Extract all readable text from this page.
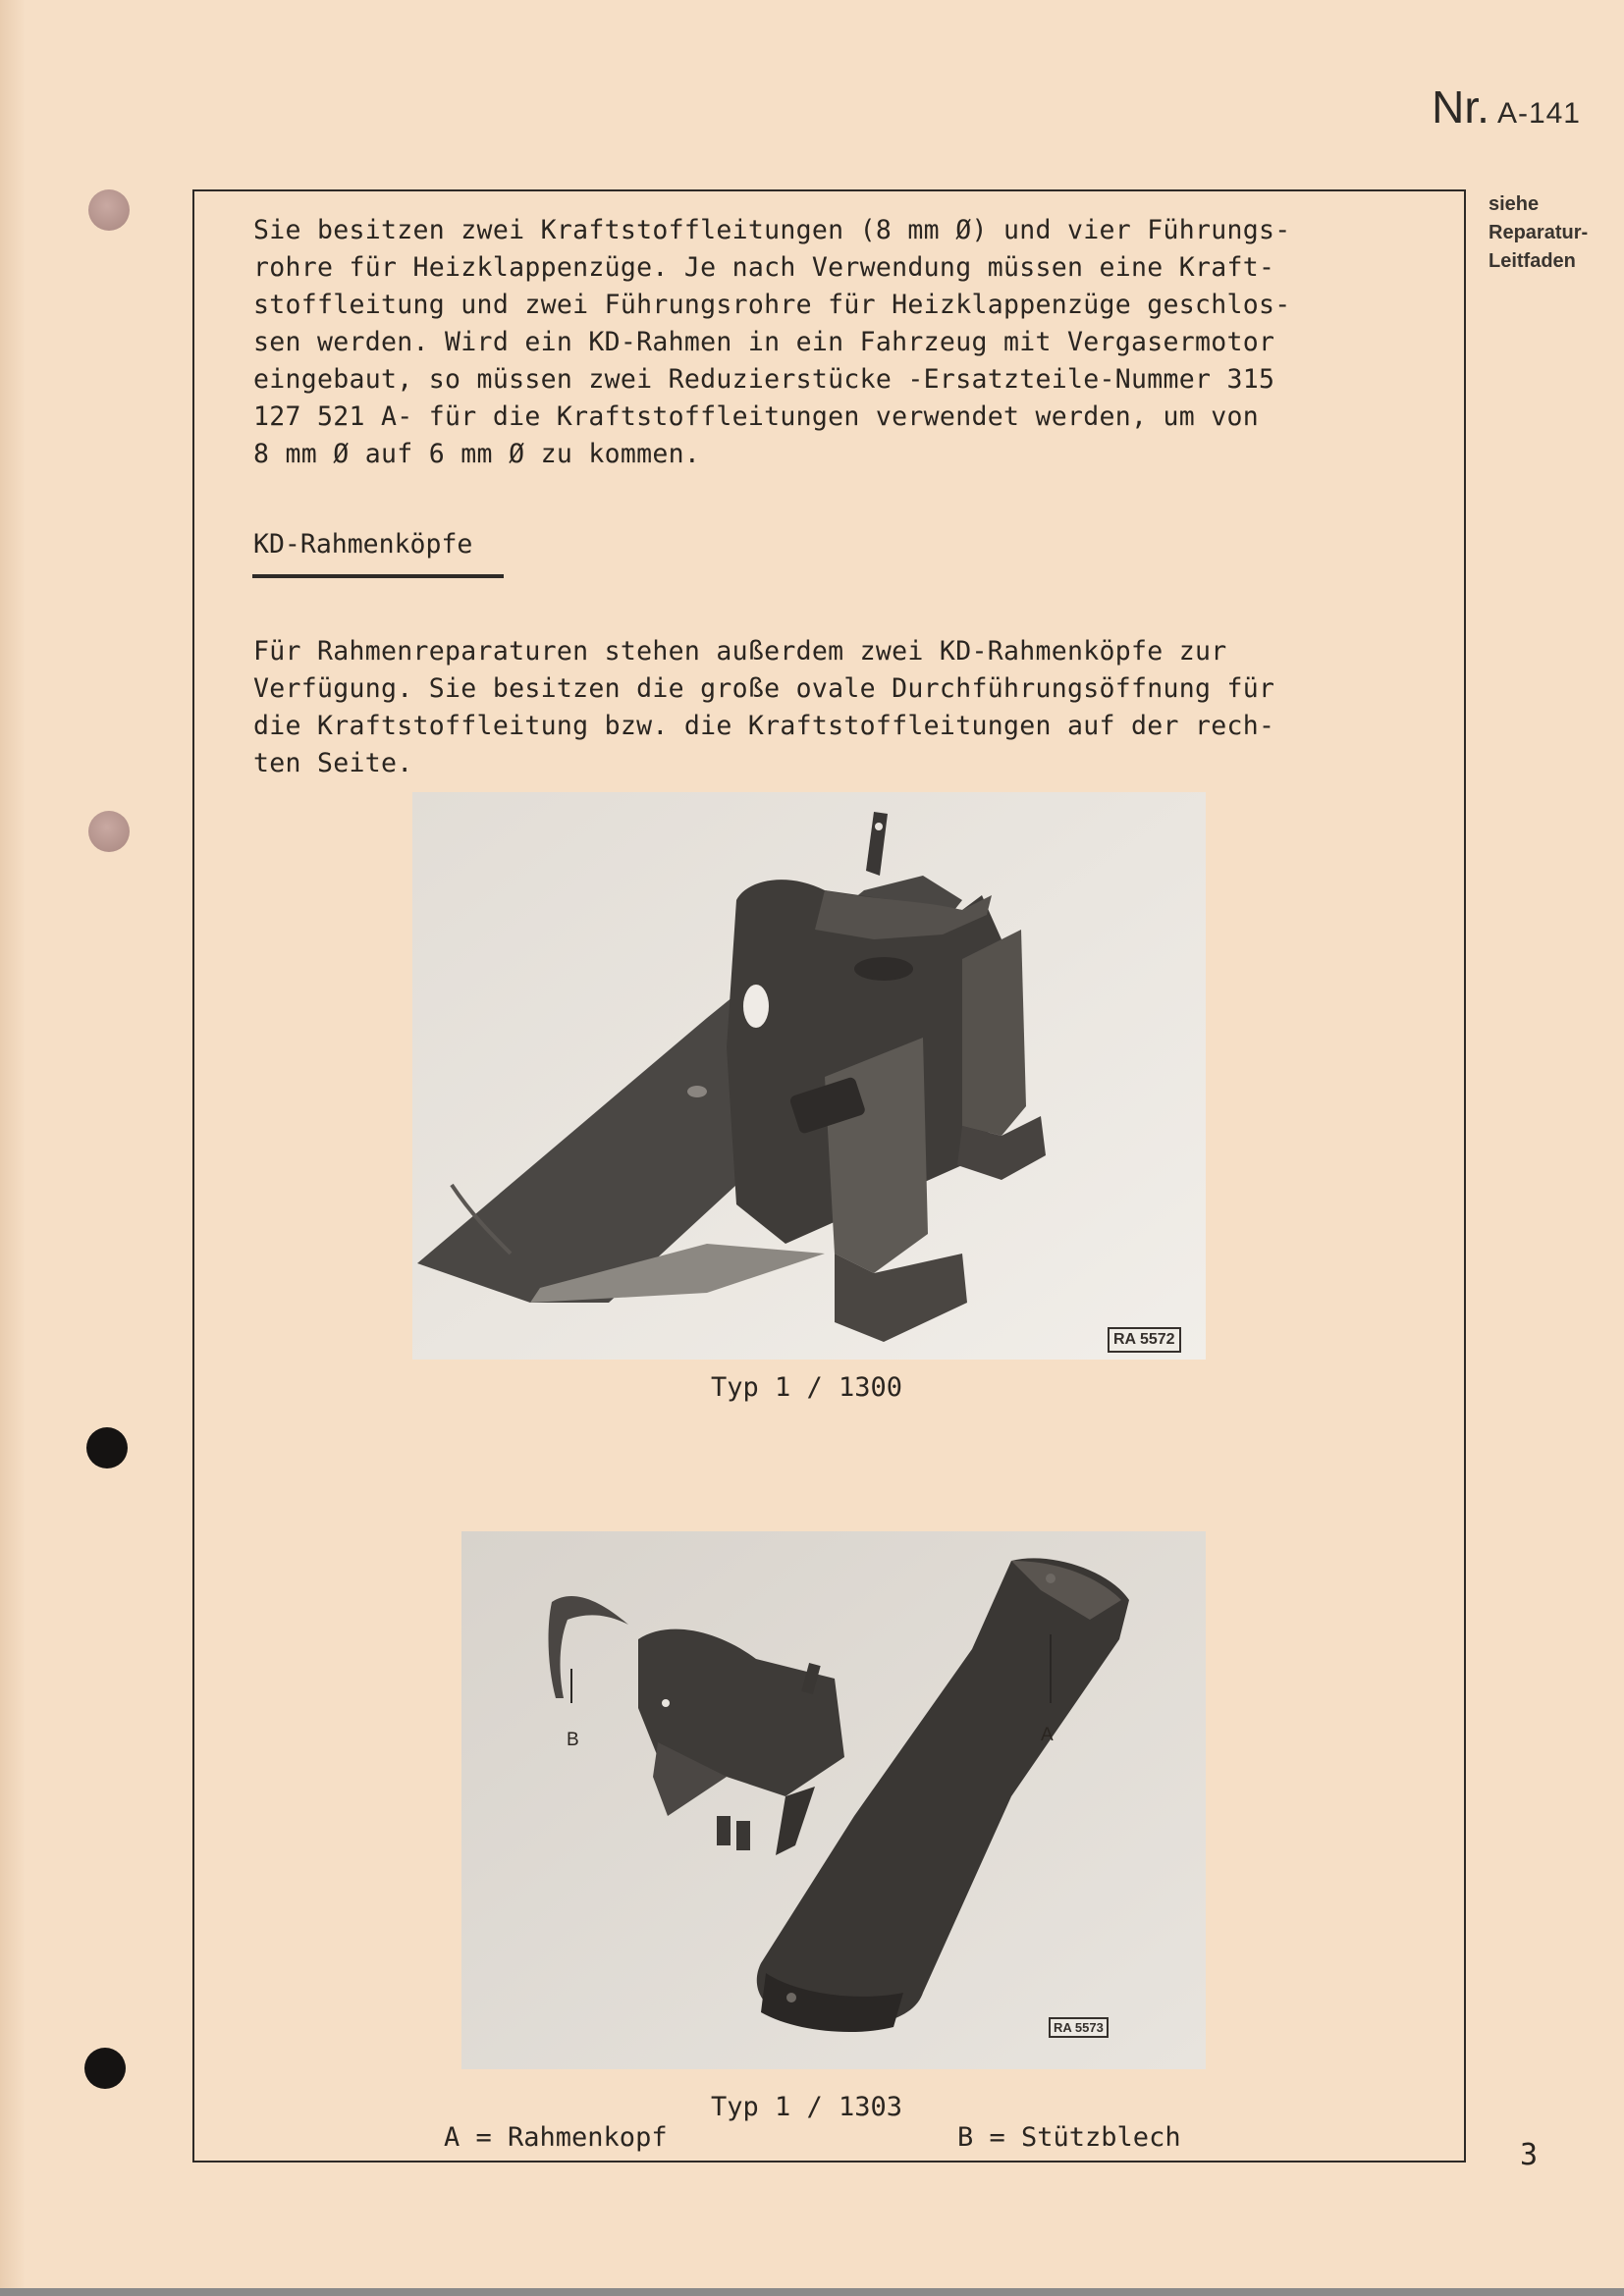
Nr. A-141
siehe
Reparatur-
Leitfaden

Sie besitzen zwei Kraftstoffleitungen (8 mm Ø) und vier Führungs-
rohre für Heizklappenzüge. Je nach Verwendung müssen eine Kraft-
stoffleitung und zwei Führungsrohre für Heizklappenzüge geschlos-
sen werden. Wird ein KD-Rahmen in ein Fahrzeug mit Vergasermotor
eingebaut, so müssen zwei Reduzierstücke -Ersatzteile-Nummer 315
127 521 A- für die Kraftstoffleitungen verwendet werden, um von
8 mm Ø auf 6 mm Ø zu kommen.

KD-Rahmenköpfe

Für Rahmenreparaturen stehen außerdem zwei KD-Rahmenköpfe zur
Verfügung. Sie besitzen die große ovale Durchführungsöffnung für
die Kraftstoffleitung bzw. die Kraftstoffleitungen auf der rech-
ten Seite.

RA 5572
Typ 1 / 1300
B	A
RA 5573
Typ 1 / 1303
A = Rahmenkopf	B = Stützblech
3
